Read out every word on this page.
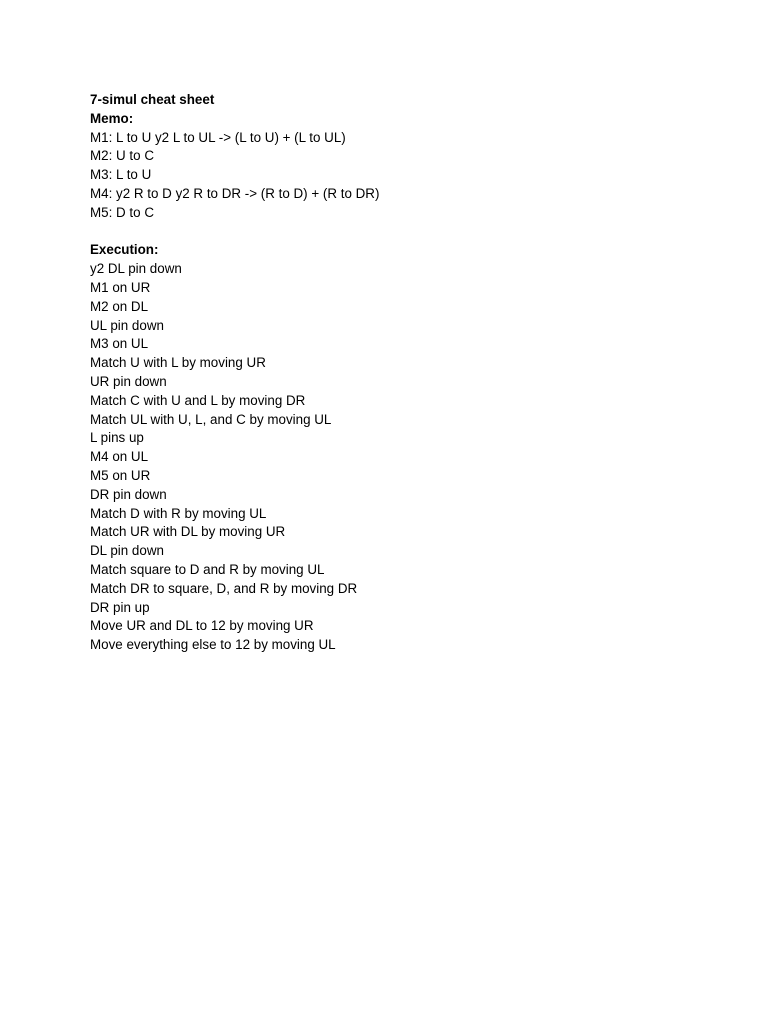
7-simul cheat sheet
Memo:
M1: L to U y2 L to UL -> (L to U) + (L to UL)
M2: U to C
M3: L to U
M4: y2 R to D y2 R to DR -> (R to D) + (R to DR)
M5: D to C
Execution:
y2 DL pin down
M1 on UR
M2 on DL
UL pin down
M3 on UL
Match U with L by moving UR
UR pin down
Match C with U and L by moving DR
Match UL with U, L, and C by moving UL
L pins up
M4 on UL
M5 on UR
DR pin down
Match D with R by moving UL
Match UR with DL by moving UR
DL pin down
Match square to D and R by moving UL
Match DR to square, D, and R by moving DR
DR pin up
Move UR and DL to 12 by moving UR
Move everything else to 12 by moving UL
